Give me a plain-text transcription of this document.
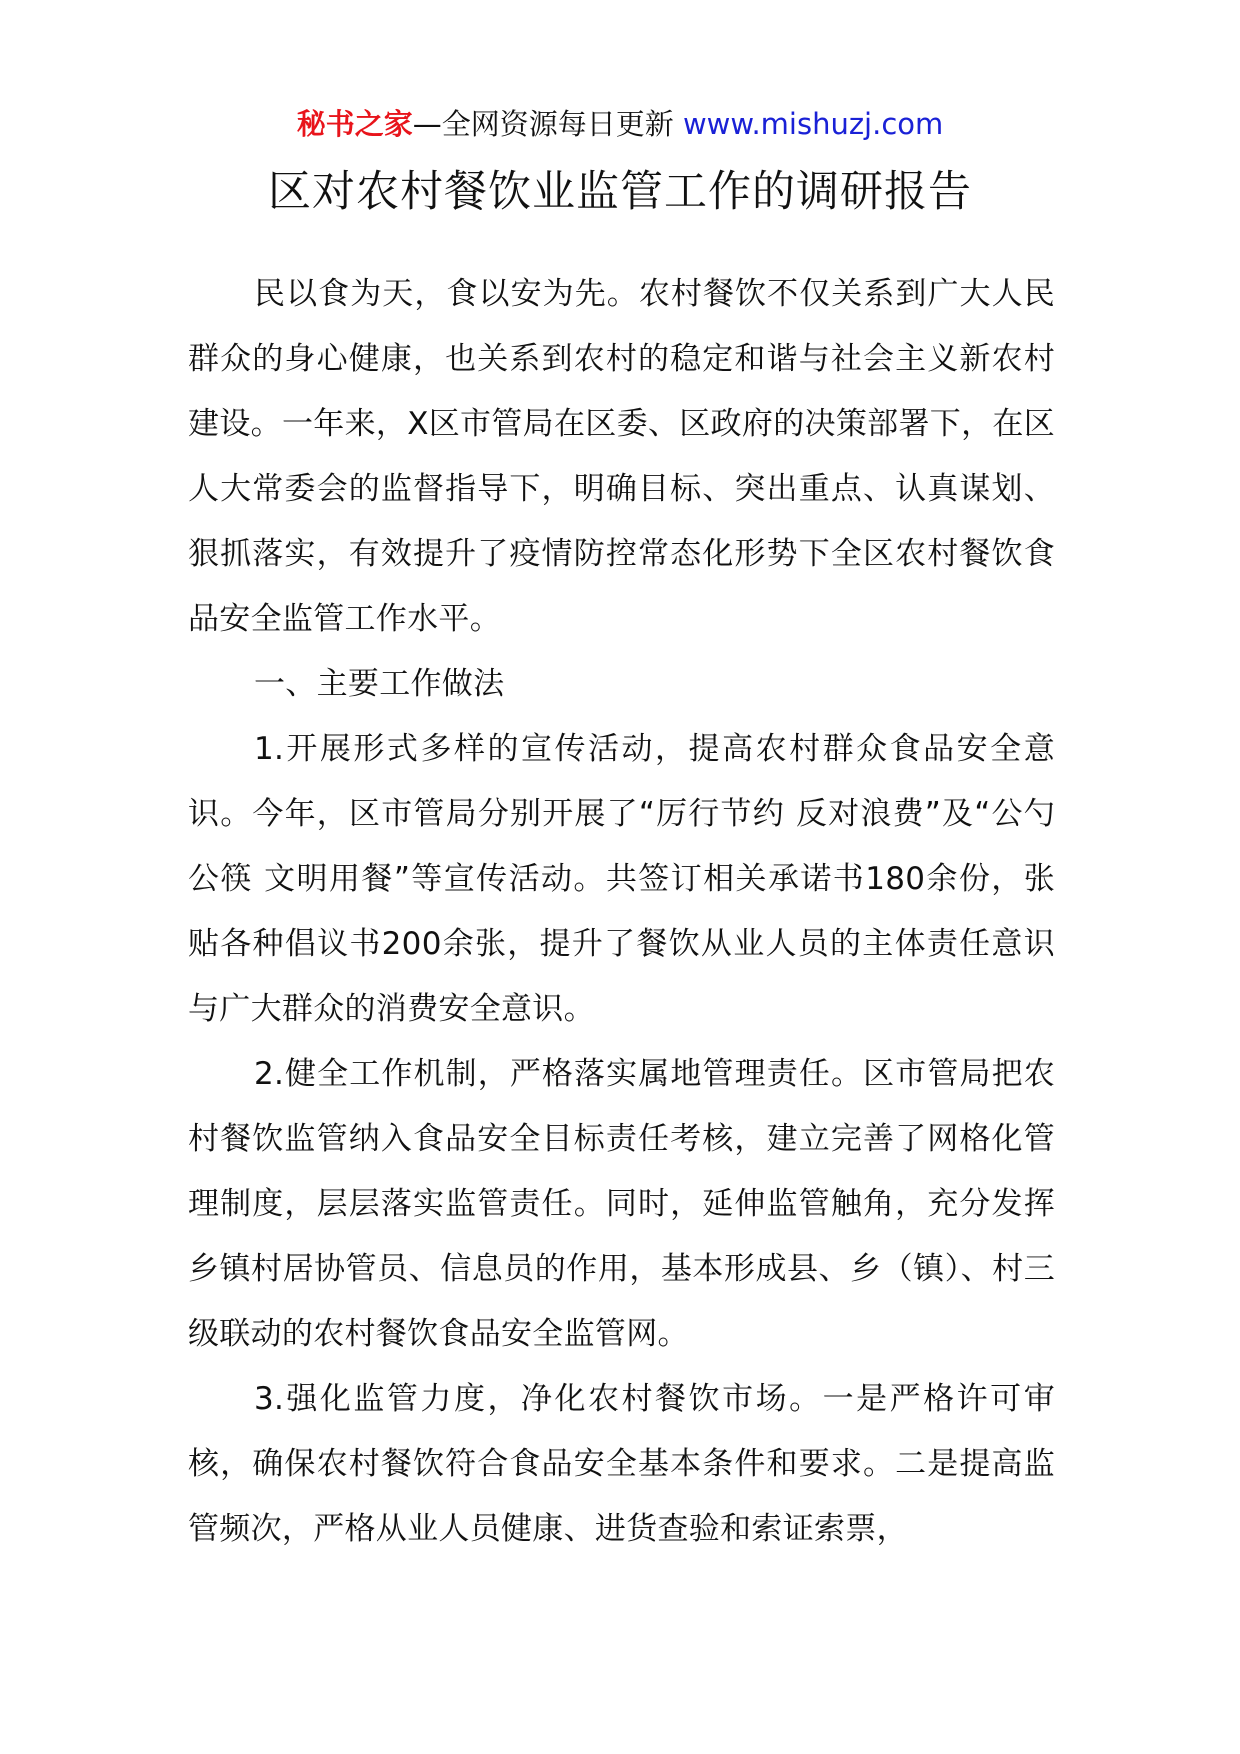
秘书之家—全网资源每日更新 www.mishuzj.com
区对农村餐饮业监管工作的调研报告

民以食为天，食以安为先。农村餐饮不仅关系到广大人民群众的身心健康，也关系到农村的稳定和谐与社会主义新农村建设。一年来，X区市管局在区委、区政府的决策部署下，在区人大常委会的监督指导下，明确目标、突出重点、认真谋划、狠抓落实，有效提升了疫情防控常态化形势下全区农村餐饮食品安全监管工作水平。

一、主要工作做法

1.开展形式多样的宣传活动，提高农村群众食品安全意识。今年，区市管局分别开展了“厉行节约 反对浪费”及“公勺公筷 文明用餐”等宣传活动。共签订相关承诺书180余份，张贴各种倡议书200余张，提升了餐饮从业人员的主体责任意识与广大群众的消费安全意识。

2.健全工作机制，严格落实属地管理责任。区市管局把农村餐饮监管纳入食品安全目标责任考核，建立完善了网格化管理制度，层层落实监管责任。同时，延伸监管触角，充分发挥乡镇村居协管员、信息员的作用，基本形成县、乡（镇）、村三级联动的农村餐饮食品安全监管网。

3.强化监管力度，净化农村餐饮市场。一是严格许可审核，确保农村餐饮符合食品安全基本条件和要求。二是提高监管频次，严格从业人员健康、进货查验和索证索票，
